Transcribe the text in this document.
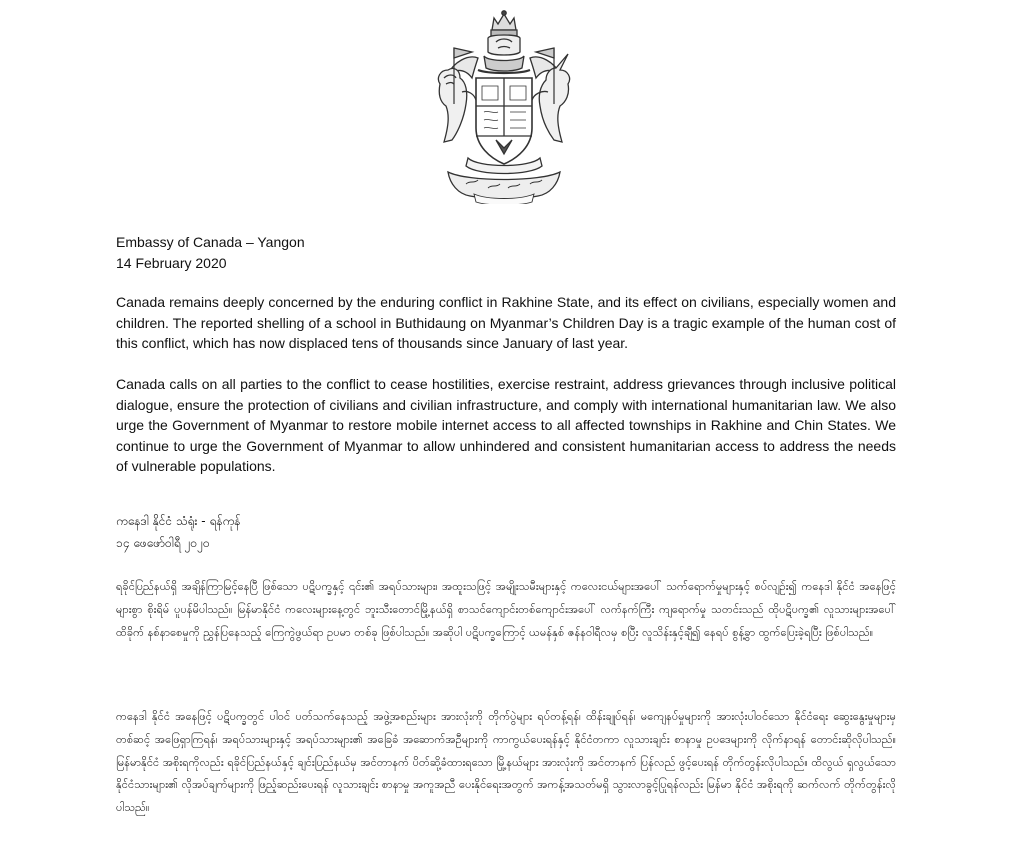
Embassy of Canada – Yangon
14 February 2020

Canada remains deeply concerned by the enduring conflict in Rakhine State, and its effect on civilians, especially women and children. The reported shelling of a school in Buthidaung on Myanmar’s Children Day is a tragic example of the human cost of this conflict, which has now displaced tens of thousands since January of last year.

Canada calls on all parties to the conflict to cease hostilities, exercise restraint, address grievances through inclusive political dialogue, ensure the protection of civilians and civilian infrastructure, and comply with international humanitarian law. We also urge the Government of Myanmar to restore mobile internet access to all affected townships in Rakhine and Chin States. We continue to urge the Government of Myanmar to allow unhindered and consistent humanitarian access to address the needs of vulnerable populations.

ကနေဒါ နိုင်ငံ သံရုံး - ရန်ကုန်
၁၄ ဖေဖော်ဝါရီ ၂၀၂၀

ရခိုင်ပြည်နယ်ရှိ အချိန်ကြာမြင့်နေပြီ ဖြစ်သော ပဋိပက္ခနှင့် ၎င်း၏ အရပ်သားများ၊ အထူးသဖြင့် အမျိုးသမီးများနှင့် ကလေးငယ်များအပေါ် သက်ရောက်မှုများနှင့် စပ်လျဉ်း၍ ကနေဒါ နိုင်ငံ အနေဖြင့် များစွာ စိုးရိမ် ပူပန်မိပါသည်။ မြန်မာနိုင်ငံ ကလေးများနေ့တွင် ဘူးသီးတောင်မြို့နယ်ရှိ စာသင်ကျောင်းတစ်ကျောင်းအပေါ် လက်နက်ကြီး ကျရောက်မှု သတင်းသည် ထိုပဋိပက္ခ၏ လူသားများအပေါ် ထိခိုက် နစ်နာစေမှုကို ညွှန်ပြနေသည့် ကြေကွဲဖွယ်ရာ ဥပမာ တစ်ခု ဖြစ်ပါသည်။ အဆိုပါ ပဋိပက္ခကြောင့် ယမန်နှစ် ဇန်နဝါရီလမှ စပြီး လူသိန်းနှင့်ချီ၍ နေရပ် စွန့်ခွာ ထွက်ပြေးခဲ့ရပြီး ဖြစ်ပါသည်။

ကနေဒါ နိုင်ငံ အနေဖြင့် ပဋိပက္ခတွင် ပါဝင် ပတ်သက်နေသည့် အဖွဲ့အစည်းများ အားလုံးကို တိုက်ပွဲများ ရပ်တန့်ရန်၊ ထိန်းချုပ်ရန်၊ မကျေနပ်မှုများကို အားလုံးပါဝင်သော နိုင်ငံရေး ဆွေးနွေးမှုများမှ တစ်ဆင့် အဖြေရှာကြရန်၊ အရပ်သားများနှင့် အရပ်သားများ၏ အခြေခံ အဆောက်အဦများကို ကာကွယ်ပေးရန်နှင့် နိုင်ငံတကာ လူသားချင်း စာနာမှု ဥပဒေများကို လိုက်နာရန် တောင်းဆိုလိုပါသည်။ မြန်မာနိုင်ငံ အစိုးရကိုလည်း ရခိုင်ပြည်နယ်နှင့် ချင်းပြည်နယ်မှ အင်တာနက် ပိတ်ဆို့ခံထားရသော မြို့နယ်များ အားလုံးကို အင်တာနက် ပြန်လည် ဖွင့်ပေးရန် တိုက်တွန်းလိုပါသည်။ ထိလွယ် ရှလွယ်သော နိုင်ငံသားများ၏ လိုအပ်ချက်များကို ဖြည့်ဆည်းပေးရန် လူသားချင်း စာနာမှု အကူအညီ ပေးနိုင်ရေးအတွက် အကန့်အသတ်မရှိ သွားလာခွင့်ပြုရန်လည်း မြန်မာ နိုင်ငံ အစိုးရကို ဆက်လက် တိုက်တွန်းလိုပါသည်။
